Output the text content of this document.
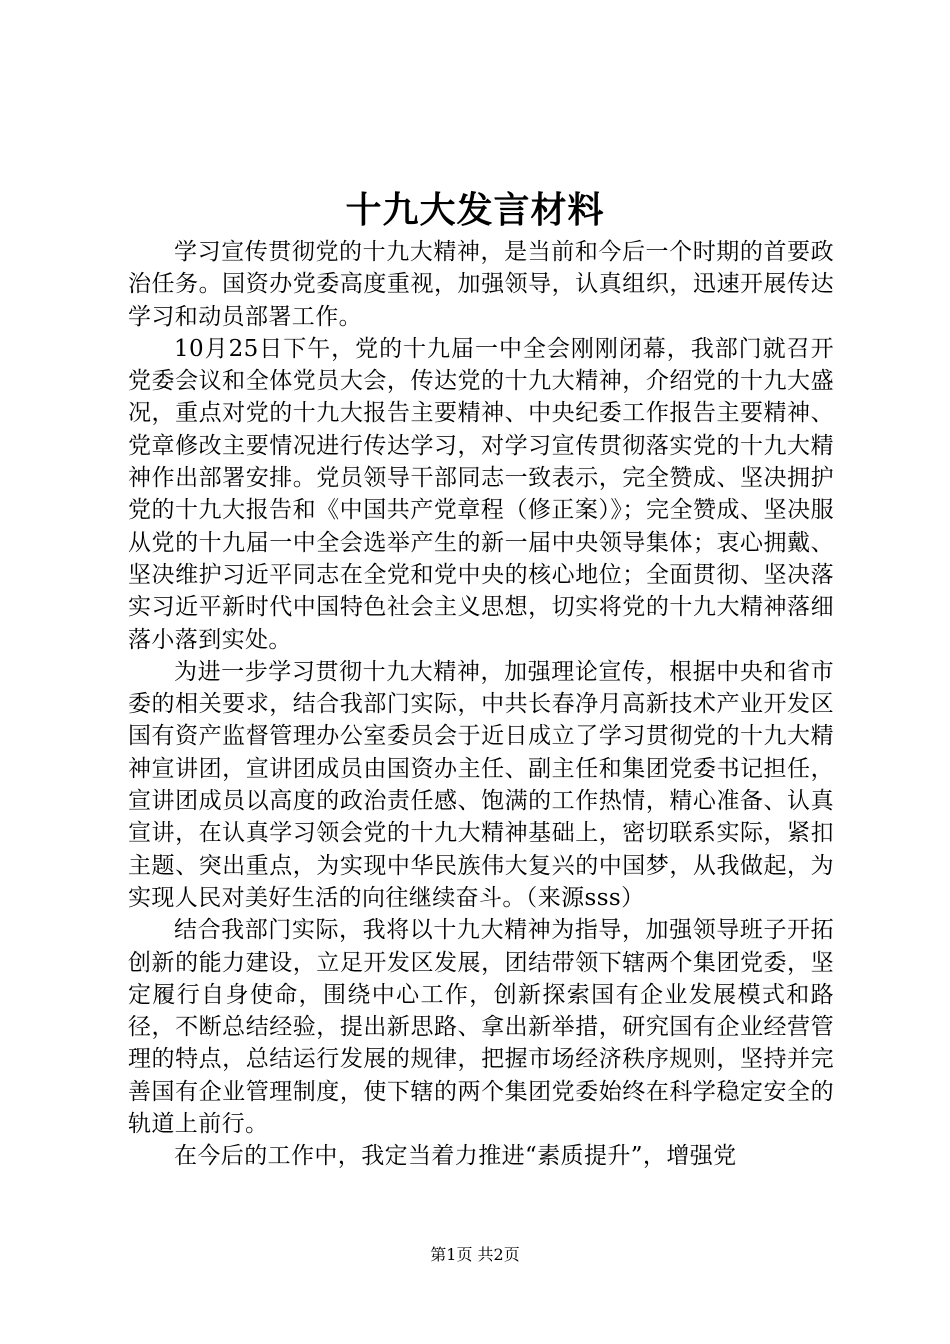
十九大发言材料

学习宣传贯彻党的十九大精神，是当前和今后一个时期的首要政治任务。国资办党委高度重视，加强领导，认真组织，迅速开展传达学习和动员部署工作。

10月25日下午，党的十九届一中全会刚刚闭幕，我部门就召开党委会议和全体党员大会，传达党的十九大精神，介绍党的十九大盛况，重点对党的十九大报告主要精神、中央纪委工作报告主要精神、党章修改主要情况进行传达学习，对学习宣传贯彻落实党的十九大精神作出部署安排。党员领导干部同志一致表示，完全赞成、坚决拥护党的十九大报告和《中国共产党章程（修正案）》；完全赞成、坚决服从党的十九届一中全会选举产生的新一届中央领导集体；衷心拥戴、坚决维护习近平同志在全党和党中央的核心地位；全面贯彻、坚决落实习近平新时代中国特色社会主义思想，切实将党的十九大精神落细落小落到实处。

为进一步学习贯彻十九大精神，加强理论宣传，根据中央和省市委的相关要求，结合我部门实际，中共长春净月高新技术产业开发区国有资产监督管理办公室委员会于近日成立了学习贯彻党的十九大精神宣讲团，宣讲团成员由国资办主任、副主任和集团党委书记担任，宣讲团成员以高度的政治责任感、饱满的工作热情，精心准备、认真宣讲，在认真学习领会党的十九大精神基础上，密切联系实际，紧扣主题、突出重点，为实现中华民族伟大复兴的中国梦，从我做起，为实现人民对美好生活的向往继续奋斗。（来源sss）

结合我部门实际，我将以十九大精神为指导，加强领导班子开拓创新的能力建设，立足开发区发展，团结带领下辖两个集团党委，坚定履行自身使命，围绕中心工作，创新探索国有企业发展模式和路径，不断总结经验，提出新思路、拿出新举措，研究国有企业经营管理的特点，总结运行发展的规律，把握市场经济秩序规则，坚持并完善国有企业管理制度，使下辖的两个集团党委始终在科学稳定安全的轨道上前行。

在今后的工作中，我定当着力推进“素质提升”，增强党

第1页 共2页
